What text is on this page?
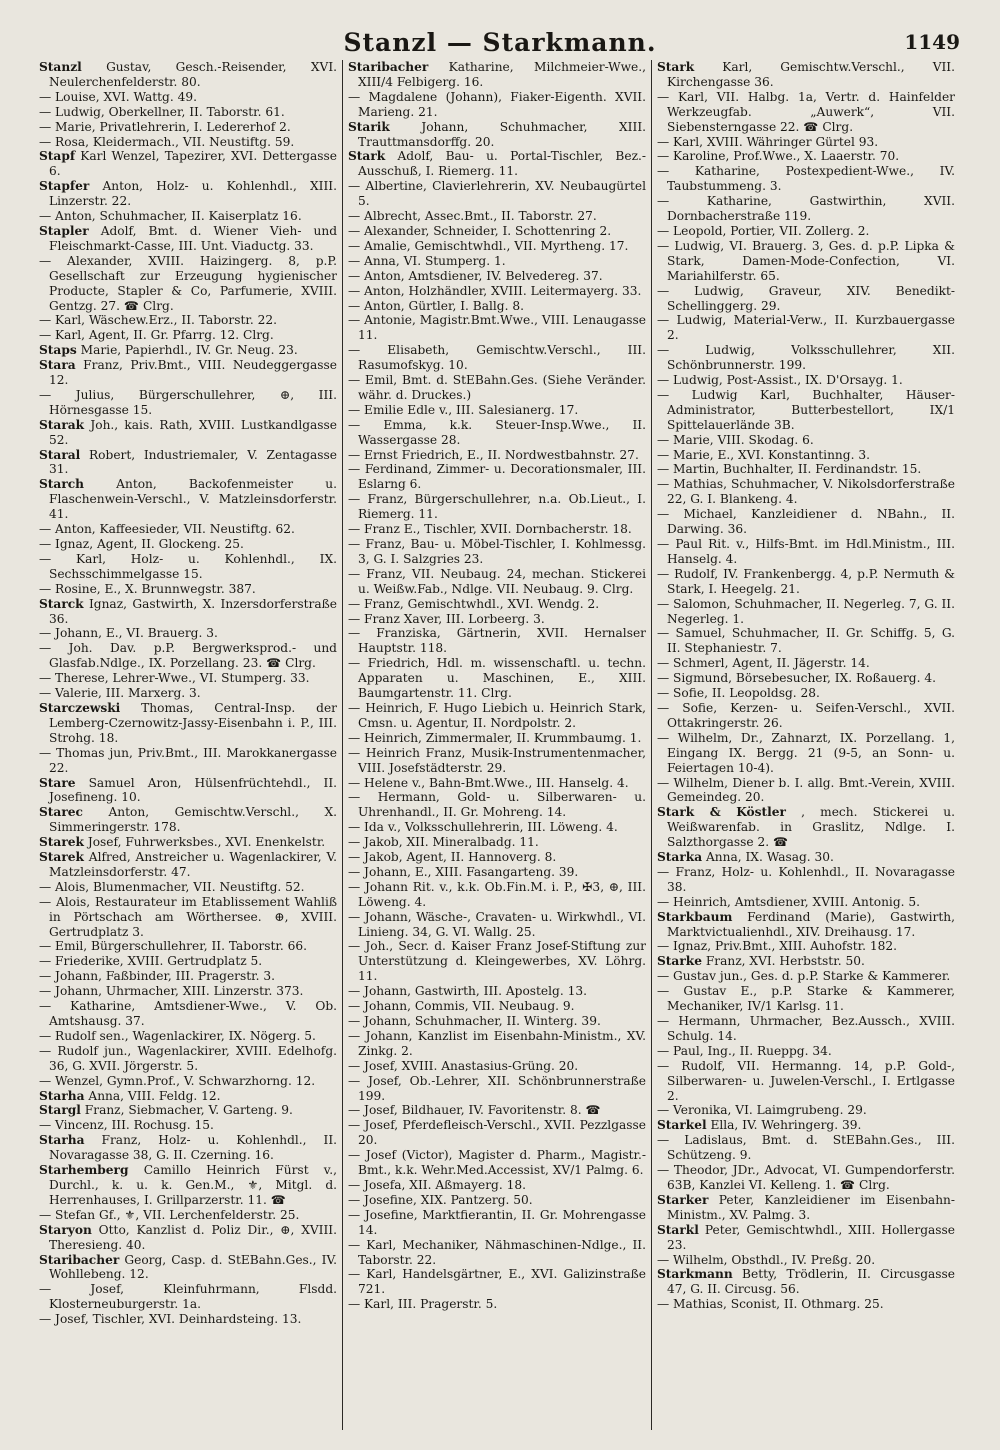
Stanzl — Starkmann.	1149

Stanzl Gustav, Gesch.-Reisender, XVI. Neulerchenfelderstr. 80.

— Louise, XVI. Wattg. 49.

— Ludwig, Oberkellner, II. Taborstr. 61.

— Marie, Privatlehrerin, I. Ledererhof 2.

— Rosa, Kleidermach., VII. Neustiftg. 59.

Stapf Karl Wenzel, Tapezirer, XVI. Dettergasse 6.

Stapfer Anton, Holz- u. Kohlenhdl., XIII. Linzerstr. 22.

— Anton, Schuhmacher, II. Kaiserplatz 16.

Stapler Adolf, Bmt. d. Wiener Vieh- und Fleischmarkt-Casse, III. Unt. Viaductg. 33.

— Alexander, XVIII. Haizingerg. 8, p.P. Gesellschaft zur Erzeugung hygienischer Producte, Stapler & Co, Parfumerie, XVIII. Gentzg. 27. ☎ Clrg.

— Karl, Wäschew.Erz., II. Taborstr. 22.

— Karl, Agent, II. Gr. Pfarrg. 12. Clrg.

Staps Marie, Papierhdl., IV. Gr. Neug. 23.

Stara Franz, Priv.Bmt., VIII. Neudeggergasse 12.

— Julius, Bürgerschullehrer, ⊕, III. Hörnesgasse 15.

Starak Joh., kais. Rath, XVIII. Lustkandlgasse 52.

Staral Robert, Industriemaler, V. Zentagasse 31.

Starch	Anton, Backofenmeister u. Flaschenwein-Verschl., V. Matzleinsdorferstr. 41.

— Anton, Kaffeesieder, VII. Neustiftg. 62.

— Ignaz, Agent, II. Glockeng. 25.

— Karl, Holz- u. Kohlenhdl., IX. Sechsschimmelgasse 15.

— Rosine, E., X. Brunnwegstr. 387.

Starck Ignaz, Gastwirth, X. Inzersdorferstraße 36.

— Johann, E., VI. Brauerg. 3.

— Joh. Dav. p.P. Bergwerksprod.- und Glasfab.Ndlge., IX. Porzellang. 23. ☎ Clrg.

— Therese, Lehrer-Wwe., VI. Stumperg. 33.

— Valerie, III. Marxerg. 3.

Starczewski Thomas, Central-Insp. der Lemberg-Czernowitz-Jassy-Eisenbahn i. P., III. Strohg. 18.

— Thomas jun, Priv.Bmt., III. Marokkanergasse 22.

Stare Samuel Aron, Hülsenfrüchtehdl., II. Josefineng. 10.

Starec Anton, Gemischtw.Verschl., X. Simmeringerstr. 178.

Starek Josef, Fuhrwerksbes., XVI. Enenkelstr.

Starek Alfred, Anstreicher u. Wagenlackirer, V. Matzleinsdorferstr. 47.

— Alois, Blumenmacher, VII. Neustiftg. 52.

— Alois, Restaurateur im Etablissement Wahliß in Pörtschach am Wörthersee. ⊕, XVIII. Gertrudplatz 3.

— Emil, Bürgerschullehrer, II. Taborstr. 66.

— Friederike, XVIII. Gertrudplatz 5.

— Johann, Faßbinder, III. Pragerstr. 3.

— Johann, Uhrmacher, XIII. Linzerstr. 373.

— Katharine, Amtsdiener-Wwe., V. Ob. Amtshausg. 37.

— Rudolf sen., Wagenlackirer, IX. Nögerg. 5.

— Rudolf jun., Wagenlackirer, XVIII. Edelhofg. 36, G. XVII. Jörgerstr. 5.

— Wenzel, Gymn.Prof., V. Schwarzhorng. 12.

Starha Anna, VIII. Feldg. 12.

Stargl Franz, Siebmacher, V. Garteng. 9.

— Vincenz, III. Rochusg. 15.

Starha Franz, Holz- u. Kohlenhdl., II. Novaragasse 38, G. II. Czerning. 16.

Starhemberg Camillo Heinrich Fürst v., Durchl., k. u. k. Gen.M., ⚜, Mitgl. d. Herrenhauses, I. Grillparzerstr. 11. ☎

— Stefan Gf., ⚜, VII. Lerchenfelderstr. 25.

Staryon Otto, Kanzlist d. Poliz Dir., ⊕, XVIII. Theresieng. 40.

Staribacher Georg, Casp. d. StEBahn.Ges., IV. Wohllebeng. 12.

— Josef, Kleinfuhrmann, Flsdd. Klosterneuburgerstr. 1a.

— Josef, Tischler, XVI. Deinhardsteing. 13.

Staribacher Katharine, Milchmeier-Wwe., XIII/4 Felbigerg. 16.

— Magdalene (Johann), Fiaker-Eigenth. XVII. Marieng. 21.

Starik	Johann, Schuhmacher, XIII. Trauttmansdorffg. 20.

Stark Adolf, Bau- u. Portal-Tischler, Bez.-Ausschuß, I. Riemerg. 11.

— Albertine, Clavierlehrerin, XV. Neubaugürtel 5.

— Albrecht, Assec.Bmt., II. Taborstr. 27.

— Alexander, Schneider, I. Schottenring 2.

— Amalie, Gemischtwhdl., VII. Myrtheng. 17.

— Anna, VI. Stumperg. 1.

— Anton, Amtsdiener, IV. Belvedereg. 37.

— Anton, Holzhändler, XVIII. Leitermayerg. 33.

— Anton, Gürtler, I. Ballg. 8.

— Antonie, Magistr.Bmt.Wwe., VIII. Lenaugasse 11.

— Elisabeth, Gemischtw.Verschl., III. Rasumofskyg. 10.

— Emil, Bmt. d. StEBahn.Ges. (Siehe Veränder. währ. d. Druckes.)

— Emilie Edle v., III. Salesianerg. 17.

— Emma, k.k. Steuer-Insp.Wwe., II. Wassergasse 28.

— Ernst Friedrich, E., II. Nordwestbahnstr. 27.

— Ferdinand, Zimmer- u. Decorationsmaler, III. Eslarng 6.

— Franz, Bürgerschullehrer, n.a. Ob.Lieut., I. Riemerg. 11.

— Franz E., Tischler, XVII. Dornbacherstr. 18.

— Franz, Bau- u. Möbel-Tischler, I. Kohlmessg. 3, G. I. Salzgries 23.

— Franz, VII. Neubaug. 24, mechan. Stickerei u. Weißw.Fab., Ndlge. VII. Neubaug. 9. Clrg.

— Franz, Gemischtwhdl., XVI. Wendg. 2.

— Franz Xaver, III. Lorbeerg. 3.

— Franziska, Gärtnerin, XVII. Hernalser Hauptstr. 118.

— Friedrich, Hdl. m. wissenschaftl. u. techn. Apparaten u. Maschinen, E., XIII. Baumgartenstr. 11. Clrg.

— Heinrich, F. Hugo Liebich u. Heinrich Stark, Cmsn. u. Agentur, II. Nordpolstr. 2.

— Heinrich, Zimmermaler, II. Krummbaumg. 1.

— Heinrich Franz, Musik-Instrumentenmacher, VIII. Josefstädterstr. 29.

— Helene v., Bahn-Bmt.Wwe., III. Hanselg. 4.

— Hermann, Gold- u. Silberwaren- u. Uhrenhandl., II. Gr. Mohreng. 14.

— Ida v., Volksschullehrerin, III. Löweng. 4.

— Jakob, XII. Mineralbadg. 11.

— Jakob, Agent, II. Hannoverg. 8.

— Johann, E., XIII. Fasangarteng. 39.

— Johann Rit. v., k.k. Ob.Fin.M. i. P., ✠3, ⊕, III. Löweng. 4.

— Johann, Wäsche-, Cravaten- u. Wirkwhdl., VI. Linieng. 34, G. VI. Wallg. 25.

— Joh., Secr. d. Kaiser Franz Josef-Stiftung zur Unterstützung d. Kleingewerbes, XV. Löhrg. 11.

— Johann, Gastwirth, III. Apostelg. 13.

— Johann, Commis, VII. Neubaug. 9.

— Johann, Schuhmacher, II. Winterg. 39.

— Johann, Kanzlist im Eisenbahn-Ministm., XV. Zinkg. 2.

— Josef, XVIII. Anastasius-Grüng. 20.

— Josef, Ob.-Lehrer, XII. Schönbrunnerstraße 199.

— Josef, Bildhauer, IV. Favoritenstr. 8. ☎

— Josef, Pferdefleisch-Verschl., XVII. Pezzlgasse 20.

— Josef (Victor), Magister d. Pharm., Magistr.-Bmt., k.k. Wehr.Med.Accessist, XV/1 Palmg. 6.

— Josefa, XII. Aßmayerg. 18.

— Josefine, XIX. Pantzerg. 50.

— Josefine, Marktfierantin, II. Gr. Mohrengasse 14.

— Karl, Mechaniker, Nähmaschinen-Ndlge., II. Taborstr. 22.

— Karl, Handelsgärtner, E., XVI. Galizinstraße 721.

— Karl, III. Pragerstr. 5.

Stark Karl, Gemischtw.Verschl., VII. Kirchengasse 36.

— Karl, VII. Halbg. 1a, Vertr. d. Hainfelder Werkzeugfab. „Auwerk“, VII. Siebensterngasse 22. ☎ Clrg.

— Karl, XVIII. Währinger Gürtel 93.

— Karoline, Prof.Wwe., X. Laaerstr. 70.

— Katharine, Postexpedient-Wwe., IV. Taubstummeng. 3.

— Katharine, Gastwirthin, XVII. Dornbacherstraße 119.

— Leopold, Portier, VII. Zollerg. 2.

— Ludwig, VI. Brauerg. 3, Ges. d. p.P. Lipka & Stark, Damen-Mode-Confection, VI. Mariahilferstr. 65.

— Ludwig, Graveur, XIV. Benedikt-Schellinggerg. 29.

— Ludwig, Material-Verw., II. Kurzbauergasse 2.

— Ludwig, Volksschullehrer, XII. Schönbrunnerstr. 199.

— Ludwig, Post-Assist., IX. D'Orsayg. 1.

— Ludwig Karl, Buchhalter, Häuser-Administrator, Butterbestellort, IX/1 Spittelauerlände 3B.

— Marie, VIII. Skodag. 6.

— Marie, E., XVI. Konstantinng. 3.

— Martin, Buchhalter, II. Ferdinandstr. 15.

— Mathias, Schuhmacher, V. Nikolsdorferstraße 22, G. I. Blankeng. 4.

— Michael, Kanzleidiener d. NBahn., II. Darwing. 36.

— Paul Rit. v., Hilfs-Bmt. im Hdl.Ministm., III. Hanselg. 4.

— Rudolf, IV. Frankenbergg. 4, p.P. Nermuth & Stark, I. Heegelg. 21.

— Salomon, Schuhmacher, II. Negerleg. 7, G. II. Negerleg. 1.

— Samuel, Schuhmacher, II. Gr. Schiffg. 5, G. II. Stephaniestr. 7.

— Schmerl, Agent, II. Jägerstr. 14.

— Sigmund, Börsebesucher, IX. Roßauerg. 4.

— Sofie, II. Leopoldsg. 28.

— Sofie, Kerzen- u. Seifen-Verschl., XVII. Ottakringerstr. 26.

— Wilhelm, Dr., Zahnarzt, IX. Porzellang. 1, Eingang IX. Bergg. 21 (9-5, an Sonn- u. Feiertagen 10-4).

— Wilhelm, Diener b. I. allg. Bmt.-Verein, XVIII. Gemeindeg. 20.

Stark & Köstler , mech. Stickerei u. Weißwarenfab. in Graslitz, Ndlge. I. Salzthorgasse 2. ☎

Starka Anna, IX. Wasag. 30.

— Franz, Holz- u. Kohlenhdl., II. Novaragasse 38.

— Heinrich, Amtsdiener, XVIII. Antonig. 5.

Starkbaum Ferdinand (Marie), Gastwirth, Marktvictualienhdl., XIV. Dreihausg. 17.

— Ignaz, Priv.Bmt., XIII. Auhofstr. 182.

Starke Franz, XVI. Herbststr. 50.

— Gustav jun., Ges. d. p.P. Starke & Kammerer.

— Gustav E., p.P. Starke & Kammerer, Mechaniker, IV/1 Karlsg. 11.

— Hermann, Uhrmacher, Bez.Aussch., XVIII. Schulg. 14.

— Paul, Ing., II. Rueppg. 34.

— Rudolf, VII. Hermanng. 14, p.P. Gold-, Silberwaren- u. Juwelen-Verschl., I. Ertlgasse 2.

— Veronika, VI. Laimgrubeng. 29.

Starkel Ella, IV. Wehringerg. 39.

— Ladislaus, Bmt. d. StEBahn.Ges., III. Schützeng. 9.

— Theodor, JDr., Advocat, VI. Gumpendorferstr. 63B, Kanzlei VI. Kelleng. 1. ☎ Clrg.

Starker Peter, Kanzleidiener im Eisenbahn-Ministm., XV. Palmg. 3.

Starkl Peter, Gemischtwhdl., XIII. Hollergasse 23.

— Wilhelm, Obsthdl., IV. Preßg. 20.

Starkmann Betty, Trödlerin, II. Circusgasse 47, G. II. Circusg. 56.

— Mathias, Sconist, II. Othmarg. 25.
